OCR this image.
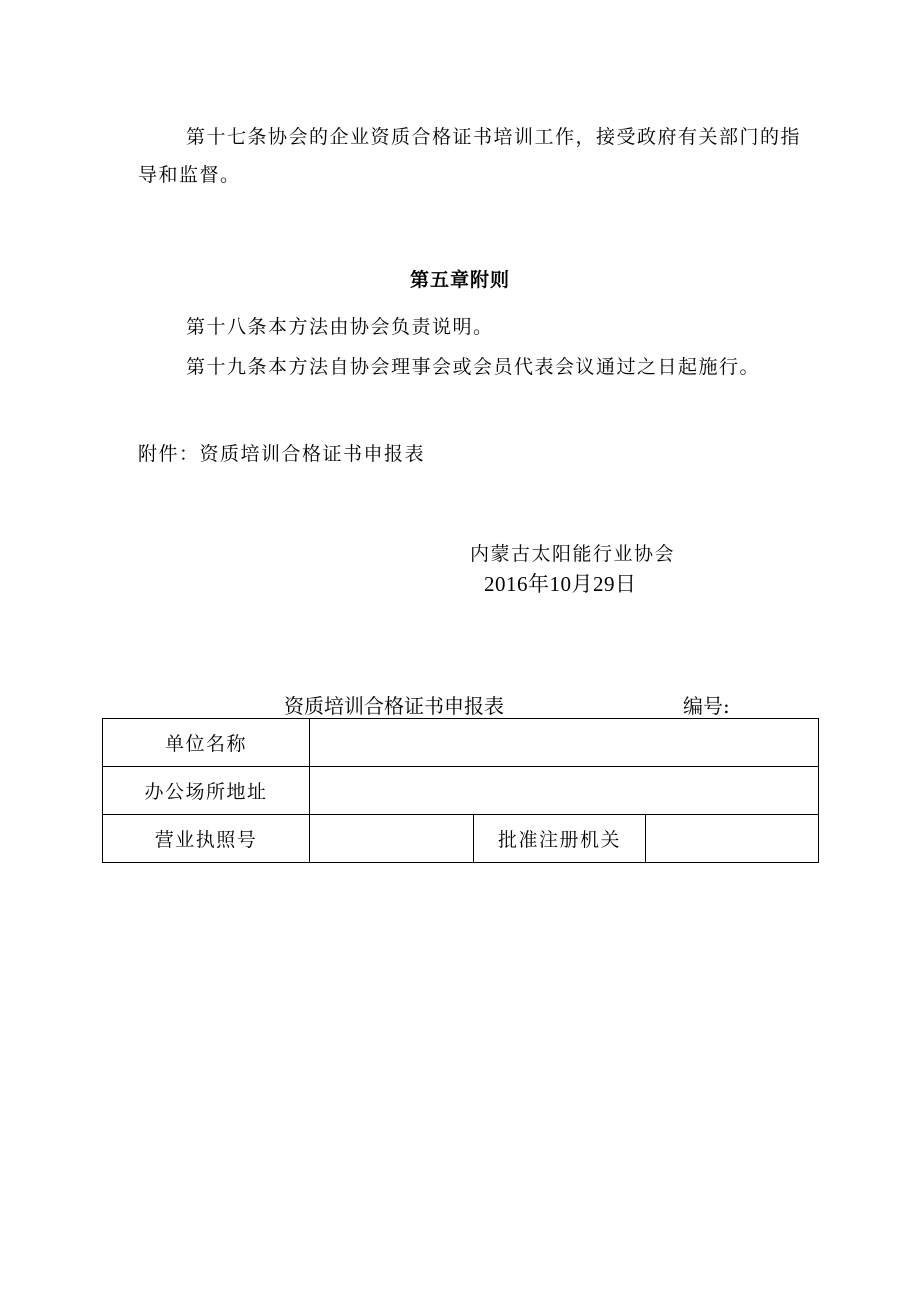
第十七条协会的企业资质合格证书培训工作，接受政府有关部门的指导和监督。
第五章附则
第十八条本方法由协会负责说明。
第十九条本方法自协会理事会或会员代表会议通过之日起施行。
附件：资质培训合格证书申报表
内蒙古太阳能行业协会
2016年10月29日
资质培训合格证书申报表	编号:
单位名称			
办公场所地址			
营业执照号		批准注册机关	
